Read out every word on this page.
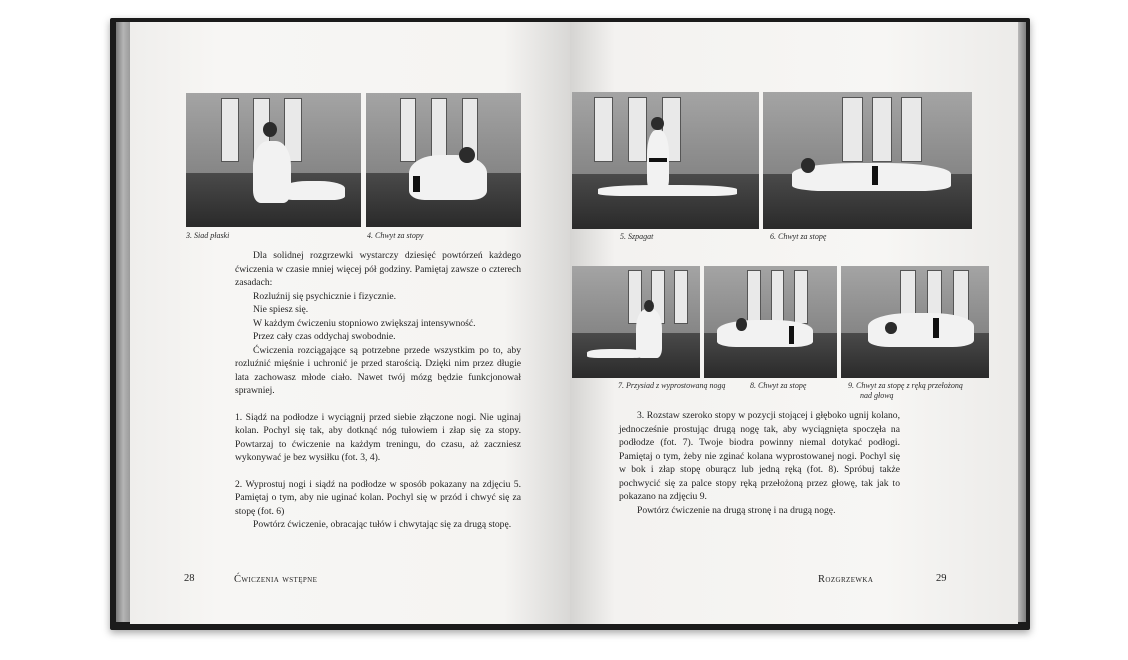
3. Siad płaski	4. Chwyt za stopy

Dla solidnej rozgrzewki wystarczy dziesięć powtórzeń każdego ćwiczenia w czasie mniej więcej pół godziny. Pamiętaj zawsze o czterech zasadach:

Rozluźnij się psychicznie i fizycznie.

Nie spiesz się.

W każdym ćwiczeniu stopniowo zwiększaj intensywność.

Przez cały czas oddychaj swobodnie.

Ćwiczenia rozciągające są potrzebne przede wszystkim po to, aby rozluźnić mięśnie i uchronić je przed starością. Dzięki nim przez długie lata zachowasz młode ciało. Nawet twój mózg będzie funkcjonował sprawniej.

1. Siądź na podłodze i wyciągnij przed siebie złączone nogi. Nie uginaj kolan. Pochyl się tak, aby dotknąć nóg tułowiem i złap się za stopy. Powtarzaj to ćwiczenie na każdym treningu, do czasu, aż zaczniesz wykonywać je bez wysiłku (fot. 3, 4).

2. Wyprostuj nogi i siądź na podłodze w sposób pokazany na zdjęciu 5. Pamiętaj o tym, aby nie uginać kolan. Pochyl się w przód i chwyć się za stopę (fot. 6)

Powtórz ćwiczenie, obracając tułów i chwytając się za drugą stopę.

28	Ćwiczenia wstępne
5. Szpagat	6. Chwyt za stopę
7. Przysiad z wyprostowaną nogą	8. Chwyt za stopę	9. Chwyt za stopę z ręką przełożoną
nad głową

3. Rozstaw szeroko stopy w pozycji stojącej i głęboko ugnij kolano, jednocześnie prostując drugą nogę tak, aby wyciągnięta spoczęła na podłodze (fot. 7). Twoje biodra powinny niemal dotykać podłogi. Pamiętaj o tym, żeby nie zginać kolana wyprostowanej nogi. Pochyl się w bok i złap stopę oburącz lub jedną ręką (fot. 8). Spróbuj także pochwycić się za palce stopy ręką przełożoną przez głowę, tak jak to pokazano na zdjęciu 9.

Powtórz ćwiczenie na drugą stronę i na drugą nogę.

Rozgrzewka	29
